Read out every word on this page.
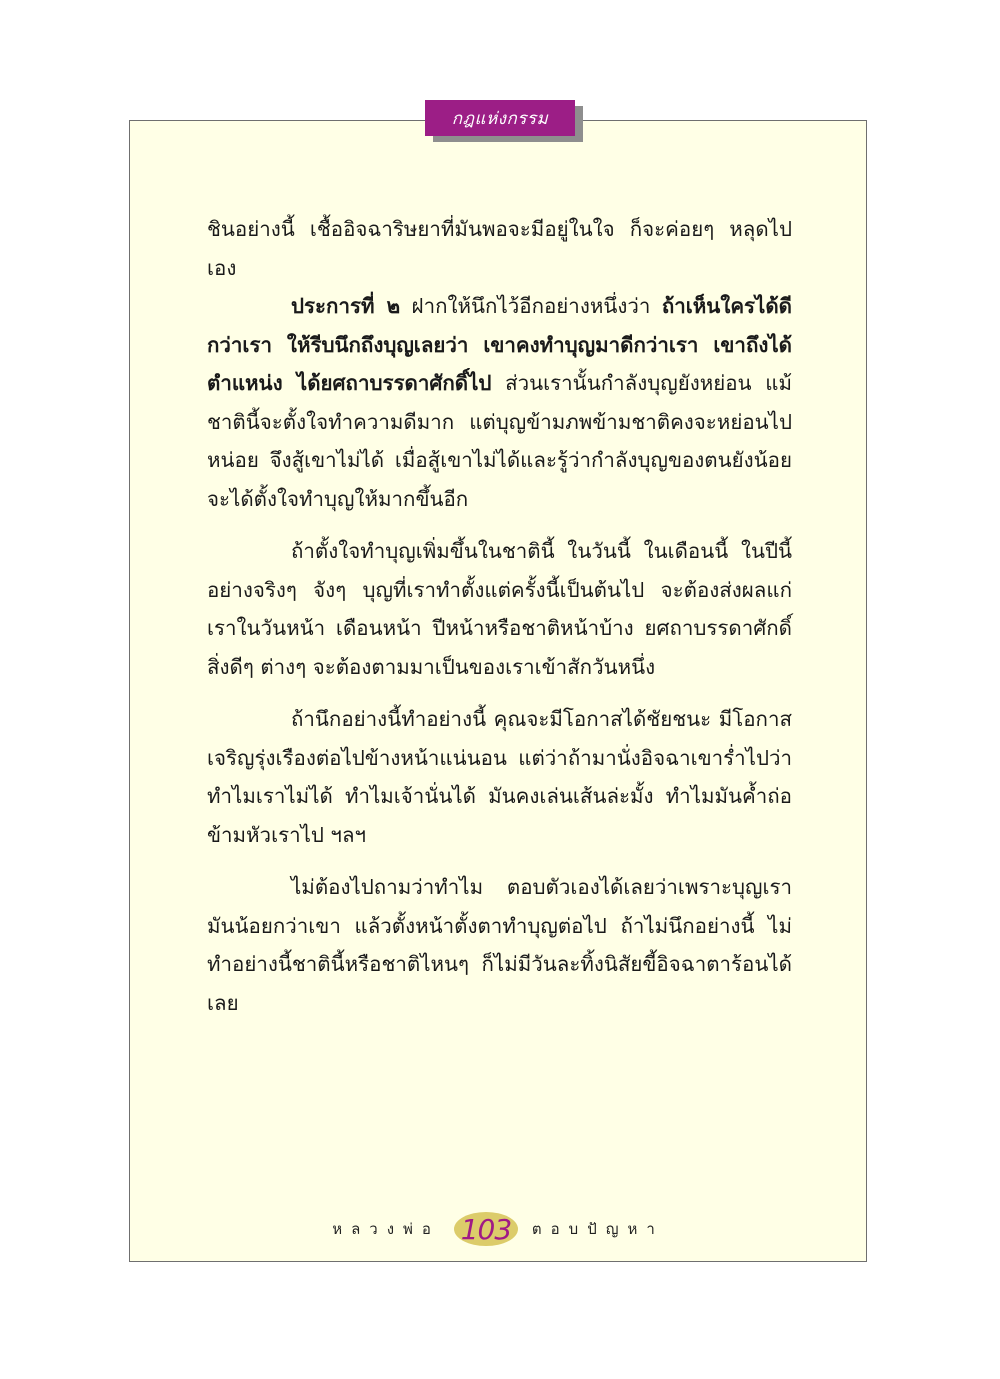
กฎแห่งกรรม

ชินอย่างนี้ เชื้ออิจฉาริษยาที่มันพอจะมีอยู่ในใจ ก็จะค่อยๆ หลุดไปเอง

ประการที่ ๒ ฝากให้นึกไว้อีกอย่างหนึ่งว่า ถ้าเห็นใครได้ดีกว่าเรา ให้รีบนึกถึงบุญเลยว่า เขาคงทำบุญมาดีกว่าเรา เขาถึงได้ตำแหน่ง ได้ยศถาบรรดาศักดิ์ไป ส่วนเรานั้นกำลังบุญยังหย่อน แม้ชาตินี้จะตั้งใจทำความดีมาก แต่บุญข้ามภพข้ามชาติคงจะหย่อนไปหน่อย จึงสู้เขาไม่ได้ เมื่อสู้เขาไม่ได้และรู้ว่ากำลังบุญของตนยังน้อย จะได้ตั้งใจทำบุญให้มากขึ้นอีก

ถ้าตั้งใจทำบุญเพิ่มขึ้นในชาตินี้ ในวันนี้ ในเดือนนี้ ในปีนี้ อย่างจริงๆ จังๆ บุญที่เราทำตั้งแต่ครั้งนี้เป็นต้นไป จะต้องส่งผลแก่เราในวันหน้า เดือนหน้า ปีหน้าหรือชาติหน้าบ้าง ยศถาบรรดาศักดิ์ สิ่งดีๆ ต่างๆ จะต้องตามมาเป็นของเราเข้าสักวันหนึ่ง

ถ้านึกอย่างนี้ทำอย่างนี้ คุณจะมีโอกาสได้ชัยชนะ มีโอกาสเจริญรุ่งเรืองต่อไปข้างหน้าแน่นอน แต่ว่าถ้ามานั่งอิจฉาเขาร่ำไปว่า ทำไมเราไม่ได้ ทำไมเจ้านั่นได้ มันคงเล่นเส้นล่ะมั้ง ทำไมมันค้ำถ่อข้ามหัวเราไป ฯลฯ

ไม่ต้องไปถามว่าทำไม ตอบตัวเองได้เลยว่าเพราะบุญเรามันน้อยกว่าเขา แล้วตั้งหน้าตั้งตาทำบุญต่อไป ถ้าไม่นึกอย่างนี้ ไม่ทำอย่างนี้ชาตินี้หรือชาติไหนๆ ก็ไม่มีวันละทิ้งนิสัยขี้อิจฉาตาร้อนได้เลย

หลวงพ่อ 103	ตอบปัญหา
